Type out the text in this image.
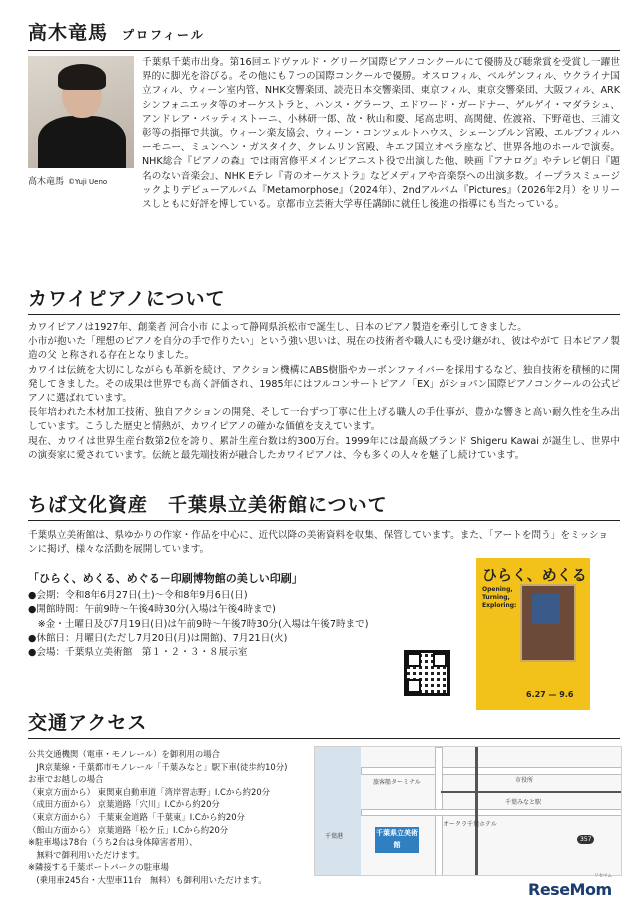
高木竜馬 プロフィール
高木竜馬 ©Yuji Ueno
千葉県千葉市出身。第16回エドヴァルド・グリーグ国際ピアノコンクールにて優勝及び聴衆賞を受賞し一躍世界的に脚光を浴びる。その他にも７つの国際コンクールで優勝。オスロフィル、ベルゲンフィル、ウクライナ国立フィル、ウィーン室内管、NHK交響楽団、読売日本交響楽団、東京フィル、東京交響楽団、大阪フィル、ARKシンフォニエッタ等のオーケストラと、ハンス・グラーフ、エドワード・ガードナー、ゲルゲイ・マダラシュ、アンドレア・バッティストーニ、小林研一郎、故・秋山和慶、尾高忠明、高関健、佐渡裕、下野竜也、三浦文彰等の指揮で共演。ウィーン楽友協会、ウィーン・コンツェルトハウス、シェーンブルン宮殿、エルブフィルハーモニー、ミュンヘン・ガスタイク、クレムリン宮殿、キエフ国立オペラ座など、世界各地のホールで演奏。NHK総合『ピアノの森』では雨宮修平メインピアニスト役で出演した他、映画『アナログ』やテレビ朝日『題名のない音楽会』、NHK Eテレ『青のオーケストラ』などメディアや音楽祭への出演多数。イープラスミュージックよりデビューアルバム『Metamorphose』（2024年）、2ndアルバム『Pictures』（2026年2月）をリリースしともに好評を博している。京都市立芸術大学専任講師に就任し後進の指導にも当たっている。
カワイピアノについて
カワイピアノは1927年、創業者 河合小市 によって静岡県浜松市で誕生し、日本のピアノ製造を牽引してきました。
小市が抱いた「理想のピアノを自分の手で作りたい」という強い思いは、現在の技術者や職人にも受け継がれ、彼はやがて 日本ピアノ製造の父 と称される存在となりました。
カワイは伝統を大切にしながらも革新を続け、アクション機構にABS樹脂やカーボンファイバーを採用するなど、独自技術を積極的に開発してきました。その成果は世界でも高く評価され、1985年にはフルコンサートピアノ「EX」がショパン国際ピアノコンクールの公式ピアノに選ばれています。
長年培われた木材加工技術、独自アクションの開発、そして一台ずつ丁寧に仕上げる職人の手仕事が、豊かな響きと高い耐久性を生み出しています。こうした歴史と情熱が、カワイピアノの確かな価値を支えています。
現在、カワイは世界生産台数第2位を誇り、累計生産台数は約300万台。1999年には最高級ブランド Shigeru Kawai が誕生し、世界中の演奏家に愛されています。伝統と最先端技術が融合したカワイピアノは、今も多くの人々を魅了し続けています。
ちば文化資産　千葉県立美術館について
千葉県立美術館は、県ゆかりの作家・作品を中心に、近代以降の美術資料を収集、保管しています。また、「アートを問う」をミッションに掲げ、様々な活動を展開しています。
「ひらく、めくる、めぐる－印刷博物館の美しい印刷」
●会期：令和8年6月27日(土)～令和8年9月6日(日)
●開館時間：午前9時～午後4時30分(入場は午後4時まで)
　※金・土曜日及び7月19日(日)は午前9時～午後7時30分(入場は午後7時まで)
●休館日：月曜日(ただし7月20日(月)は開館)、7月21日(火)
●会場：千葉県立美術館　第１・２・３・８展示室
ひらく、めくる
Opening, Turning, Exploring:
6.27 — 9.6
交通アクセス
公共交通機関（電車・モノレール）を御利用の場合
　JR京葉線・千葉都市モノレール「千葉みなと」駅下車(徒歩約10分)
お車でお越しの場合
（東京方面から） 東関東自動車道「湾岸習志野」I.Cから約20分
（成田方面から） 京葉道路「穴川」I.Cから約20分
（東京方面から） 千葉東金道路「千葉東」I.Cから約20分
（館山方面から） 京葉道路「松ケ丘」I.Cから約20分
※駐車場は78台（うち2台は身体障害者用）、
　無料で御利用いただけます。
※隣接する千葉ポートパークの駐車場
　(乗用車245台・大型車11台　無料）も御利用いただけます。
千葉港	千葉県立美術館
旅客船ターミナル
オークラ千葉ホテル
千葉みなと駅
市役所
357
リセマム
ReseMom
